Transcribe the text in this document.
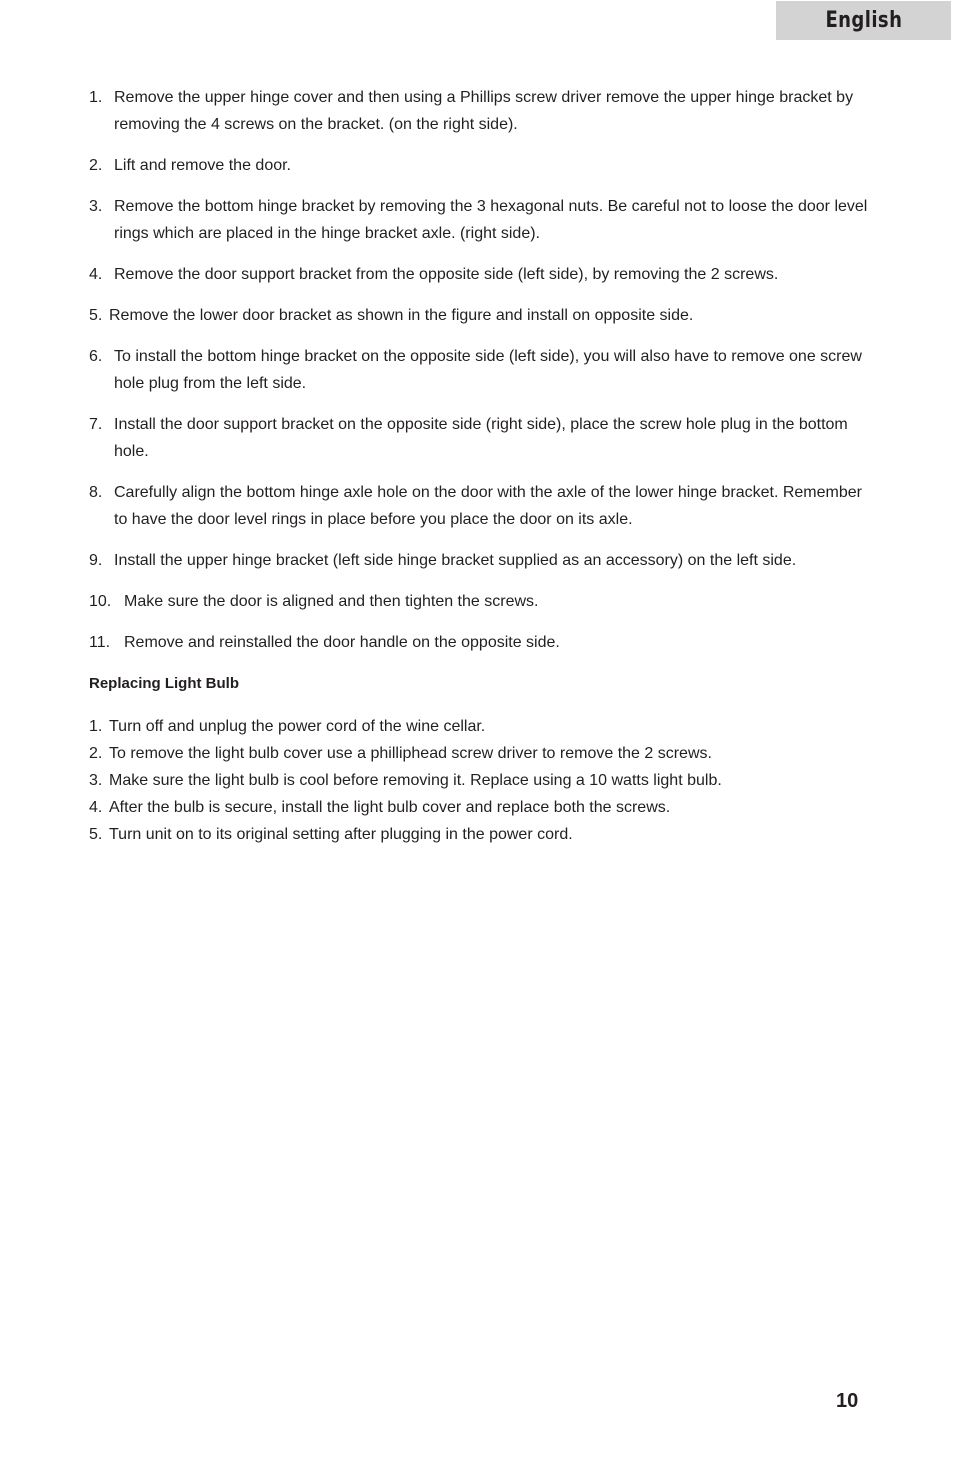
English
1. Remove the upper hinge cover and then using a Phillips screw driver remove the upper hinge bracket by removing the 4 screws on the bracket. (on the right side).
2. Lift and remove the door.
3. Remove the bottom hinge bracket by removing the 3 hexagonal nuts. Be careful not to loose the door level rings which are placed in the hinge bracket axle. (right side).
4. Remove the door support bracket from the opposite side (left side), by removing the 2 screws.
5. Remove the lower door bracket as shown in the figure and install on opposite side.
6. To install the bottom hinge bracket on the opposite side (left side), you will also have to remove one screw hole plug from the left side.
7. Install the door support bracket on the opposite side (right side), place the screw hole plug in the bottom hole.
8. Carefully align the bottom hinge axle hole on the door with the axle of the lower hinge bracket. Remember to have the door level rings in place before you place the door on its axle.
9. Install the upper hinge bracket (left side hinge bracket supplied as an accessory) on the left side.
10. Make sure the door is aligned and then tighten the screws.
11. Remove and reinstalled the door handle on the opposite side.
Replacing Light Bulb
1. Turn off and unplug the power cord of the wine cellar.
2. To remove the light bulb cover use a philliphead screw driver to remove the 2 screws.
3. Make sure the light bulb is cool before removing it. Replace using a 10 watts light bulb.
4. After the bulb is secure, install the light bulb cover and replace both the screws.
5. Turn unit on to its original setting after plugging in the power cord.
10
